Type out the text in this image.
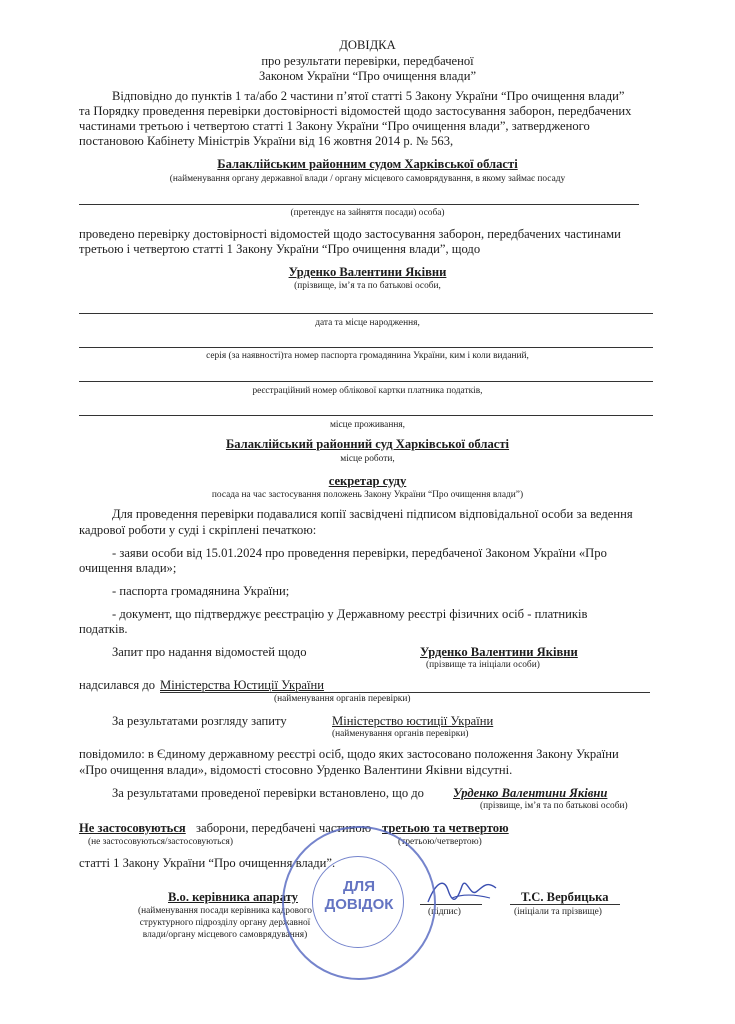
ДОВІДКА
про результати перевірки, передбаченої
Законом України “Про очищення влади”
Відповідно до пунктів 1 та/або 2 частини п’ятої статті 5 Закону України “Про очищення влади”
та Порядку проведення перевірки достовірності відомостей щодо застосування заборон, передбачених
частинами третьою і четвертою статті 1 Закону України “Про очищення влади”, затвердженого
постановою Кабінету Міністрів України від 16 жовтня 2014 р. № 563,
Балаклійським районним судом Харківської області
(найменування органу державної влади / органу місцевого самоврядування, в якому займає посаду
(претендує на зайняття посади) особа)
проведено перевірку достовірності відомостей щодо застосування заборон, передбачених частинами
третьою і четвертою статті 1 Закону України “Про очищення влади”, щодо
Урденко Валентини Яківни
(прізвище, ім’я та по батькові особи,
дата та місце народження,
серія (за наявності)та номер паспорта громадянина України, ким і коли виданий,
реєстраційний номер облікової картки платника податків,
місце проживання,
Балаклійський районний суд Харківської області
місце роботи,
секретар суду
посада на час застосування положень Закону України “Про очищення влади”)
Для проведення перевірки подавалися копії засвідчені підписом відповідальної особи за ведення
кадрової роботи у суді і скріплені печаткою:
- заяви особи від 15.01.2024 про проведення перевірки, передбаченої Законом України «Про
очищення влади»;
- паспорта громадянина України;
- документ, що підтверджує реєстрацію у Державному реєстрі фізичних осіб - платників
податків.
Запит про надання відомостей щодо	Урденко Валентини Яківни
(прізвище та ініціали особи)
надсилався до Міністерства Юстиції України
(найменування органів перевірки)
За результатами розгляду запиту	Міністерство юстиції України
(найменування органів перевірки)
повідомило: в Єдиному державному реєстрі осіб, щодо яких застосовано положення Закону України
«Про очищення влади», відомості стосовно Урденко Валентини Яківни відсутні.
За результатами проведеної перевірки встановлено, що до Урденко Валентини Яківни
(прізвище, ім’я та по батькові особи)
Не застосовуються заборони, передбачені частиною третьою та четвертою
(не застосовуються/застосовуються)	(третьою/четвертою)
статті 1 Закону України “Про очищення влади”.
В.о. керівника апарату
(найменування посади керівника кадрового
структурного підрозділу органу державної
влади/органу місцевого самоврядування)
(підпис)
Т.С. Вербицька
(ініціали та прізвище)
ДЛЯ
ДОВІДОК
